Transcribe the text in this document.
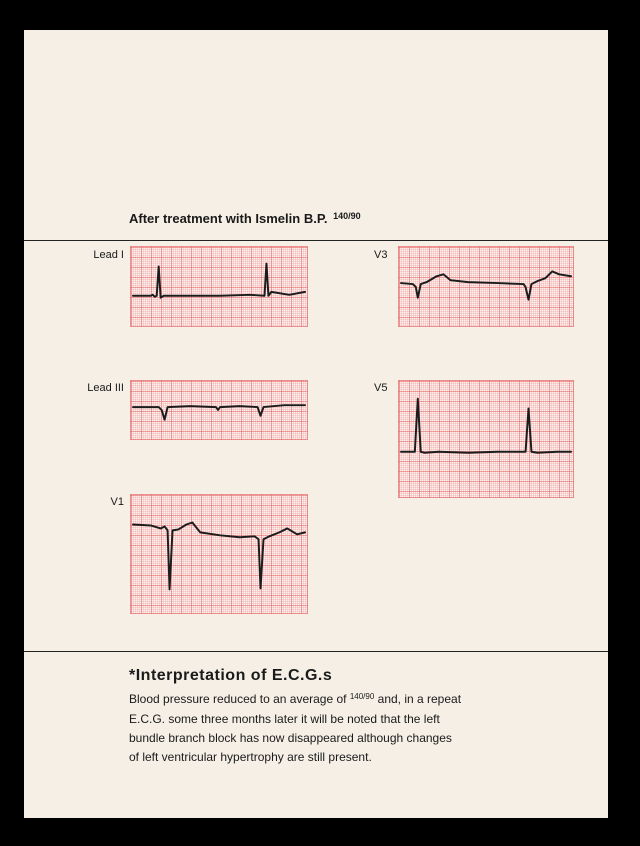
After treatment with Ismelin B.P. $^{140/90}$
Lead I
Lead III
V1
V3
V5
*Interpretation of E.C.G.s
Blood pressure reduced to an average of $^{140/90}$ and, in a repeat
E.C.G. some three months later it will be noted that the left
bundle branch block has now disappeared although changes
of left ventricular hypertrophy are still present.
